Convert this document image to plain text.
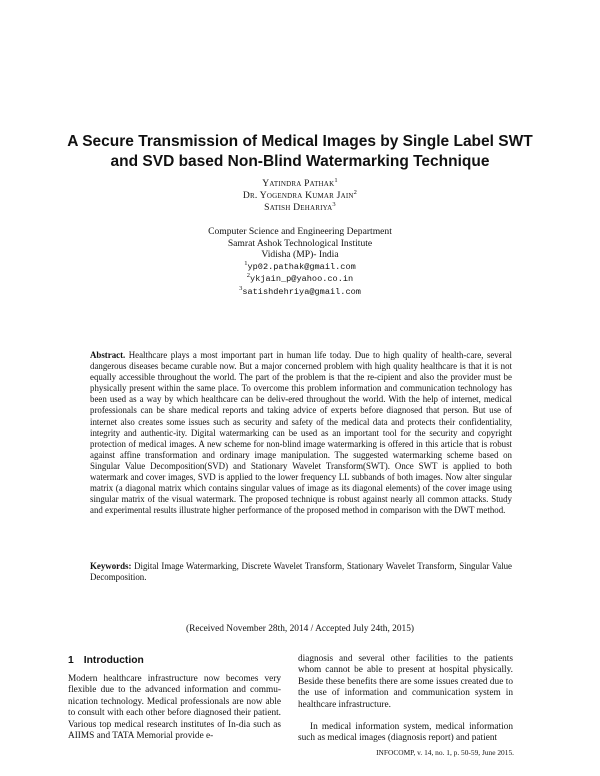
A Secure Transmission of Medical Images by Single Label SWT
and SVD based Non-Blind Watermarking Technique
Yatindra Pathak$^1$
Dr. Yogendra Kumar Jain$^2$
Satish Dehariya$^3$
Computer Science and Engineering Department
Samrat Ashok Technological Institute
Vidisha (MP)- India
$^1$yp02.pathak@gmail.com
$^2$ykjain_p@yahoo.co.in
$^3$satishdehriya@gmail.com
Abstract. Healthcare plays a most important part in human life today. Due to high quality of health-care, several dangerous diseases became curable now. But a major concerned problem with high quality healthcare is that it is not equally accessible throughout the world. The part of the problem is that the re-cipient and also the provider must be physically present within the same place. To overcome this problem information and communication technology has been used as a way by which healthcare can be deliv-ered throughout the world. With the help of internet, medical professionals can be share medical reports and taking advice of experts before diagnosed that person. But use of internet also creates some issues such as security and safety of the medical data and protects their confidentiality, integrity and authentic-ity. Digital watermarking can be used as an important tool for the security and copyright protection of medical images. A new scheme for non-blind image watermarking is offered in this article that is robust against affine transformation and ordinary image manipulation. The suggested watermarking scheme based on Singular Value Decomposition(SVD) and Stationary Wavelet Transform(SWT). Once SWT is applied to both watermark and cover images, SVD is applied to the lower frequency LL subbands of both images. Now alter singular matrix (a diagonal matrix which contains singular values of image as its diagonal elements) of the cover image using singular matrix of the visual watermark. The proposed technique is robust against nearly all common attacks. Study and experimental results illustrate higher performance of the proposed method in comparison with the DWT method.
Keywords: Digital Image Watermarking, Discrete Wavelet Transform, Stationary Wavelet Transform, Singular Value Decomposition.
(Received November 28th, 2014 / Accepted July 24th, 2015)
1 Introduction

Modern healthcare infrastructure now becomes very flexible due to the advanced information and commu-nication technology. Medical professionals are now able to consult with each other before diagnosed their patient. Various top medical research institutes of In-dia such as AIIMS and TATA Memorial provide e-

diagnosis and several other facilities to the patients whom cannot be able to present at hospital physically. Beside these benefits there are some issues created due to the use of information and communication system in healthcare infrastructure.

In medical information system, medical information such as medical images (diagnosis report) and patient

INFOCOMP, v. 14, no. 1, p. 50-59, June 2015.
